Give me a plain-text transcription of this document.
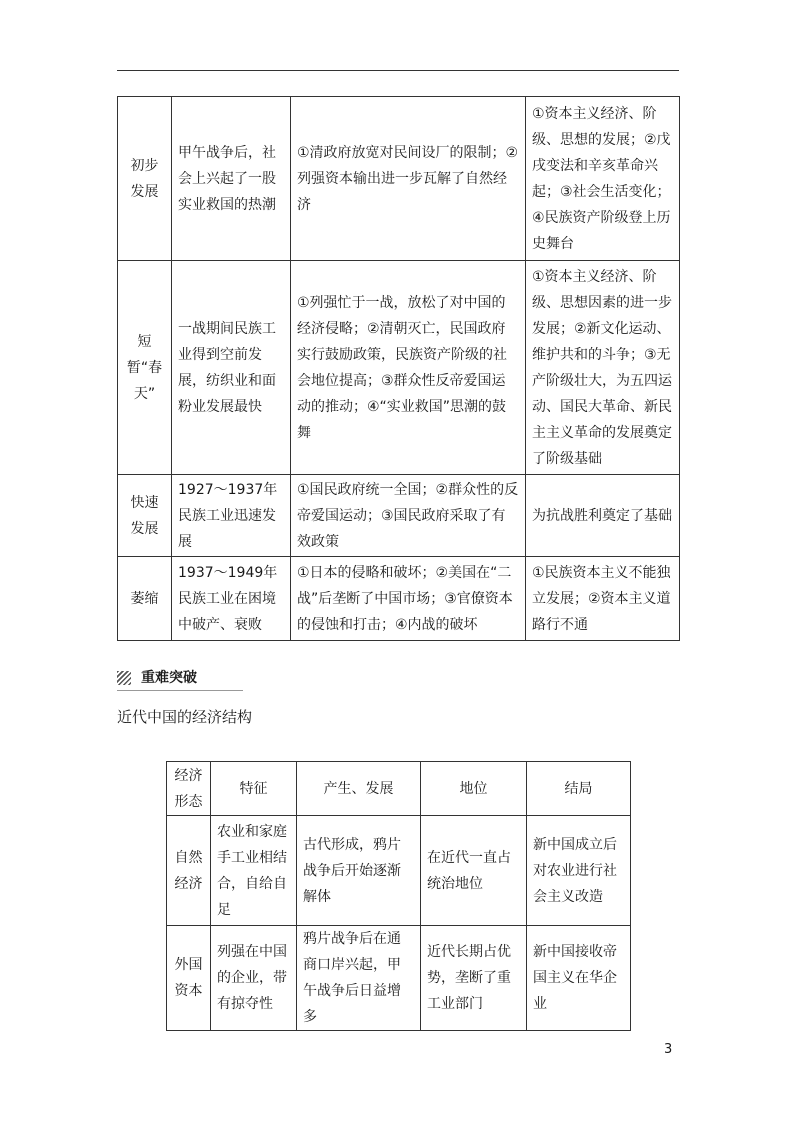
初步发展	甲午战争后，社会上兴起了一股实业救国的热潮	①清政府放宽对民间设厂的限制；②列强资本输出进一步瓦解了自然经济	①资本主义经济、阶级、思想的发展；②戊戌变法和辛亥革命兴起；③社会生活变化；④民族资产阶级登上历史舞台
短暂“春天”	一战期间民族工业得到空前发展，纺织业和面粉业发展最快	①列强忙于一战，放松了对中国的经济侵略；②清朝灭亡，民国政府实行鼓励政策，民族资产阶级的社会地位提高；③群众性反帝爱国运动的推动；④“实业救国”思潮的鼓舞	①资本主义经济、阶级、思想因素的进一步发展；②新文化运动、维护共和的斗争；③无产阶级壮大，为五四运动、国民大革命、新民主主义革命的发展奠定了阶级基础
快速发展	1927～1937年民族工业迅速发展	①国民政府统一全国；②群众性的反帝爱国运动；③国民政府采取了有效政策	为抗战胜利奠定了基础
萎缩	1937～1949年民族工业在困境中破产、衰败	①日本的侵略和破坏；②美国在“二战”后垄断了中国市场；③官僚资本的侵蚀和打击；④内战的破坏	①民族资本主义不能独立发展；②资本主义道路行不通
重难突破
近代中国的经济结构
经济形态	特征	产生、发展	地位	结局
自然经济	农业和家庭手工业相结合，自给自足	古代形成，鸦片战争后开始逐渐解体	在近代一直占统治地位	新中国成立后对农业进行社会主义改造
外国资本	列强在中国的企业，带有掠夺性	鸦片战争后在通商口岸兴起，甲午战争后日益增多	近代长期占优势，垄断了重工业部门	新中国接收帝国主义在华企业
3
